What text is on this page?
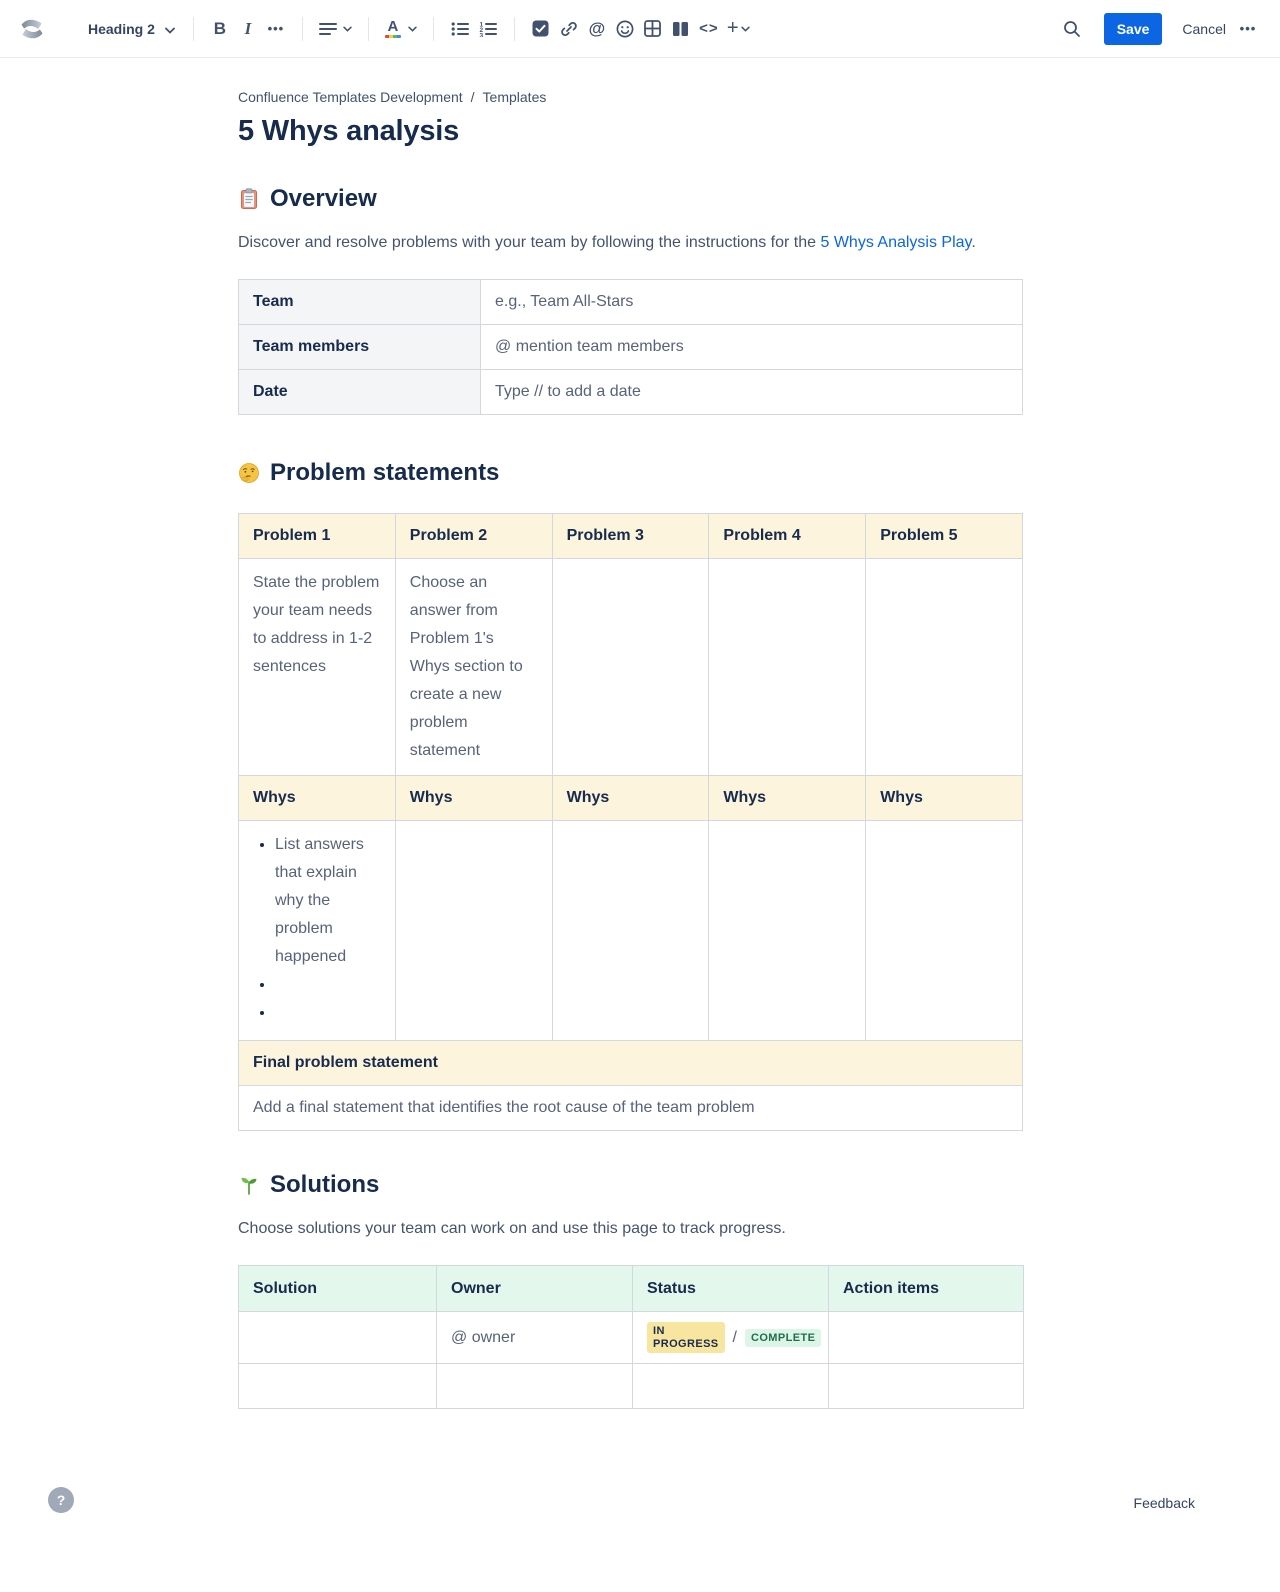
Heading 2	B I •••	A	1
2
3	@	<> +	Save	Cancel	•••
Confluence Templates Development / Templates
5 Whys analysis
Overview

Discover and resolve problems with your team by following the instructions for the 5 Whys Analysis Play.

Team	e.g., Team All-Stars
Team members	@ mention team members
Date	Type // to add a date
Problem statements
Problem 1	Problem 2	Problem 3	Problem 4	Problem 5
State the problem your team needs to address in 1-2 sentences	Choose an answer from Problem 1's Whys section to create a new problem statement			
Whys	Whys	Whys	Whys	Whys

• List answers that explain why the problem happened
•
•

Final problem statement				
Add a final statement that identifies the root cause of the team problem				
Solutions

Choose solutions your team can work on and use this page to track progress.

Solution	Owner	Status	Action items
	@ owner	IN PROGRESS / COMPLETE	

?	Feedback
